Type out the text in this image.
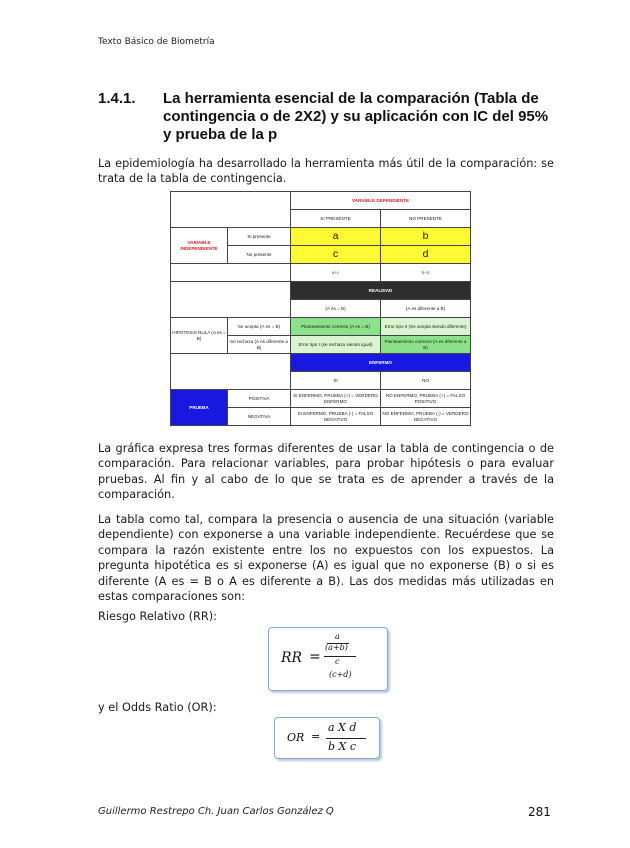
Texto Básico de Biometría
1.4.1. La herramienta esencial de la comparación (Tabla de contingencia o de 2X2) y su aplicación con IC del 95% y prueba de la p

La epidemiología ha desarrollado la herramienta más útil de la comparación: se trata de la tabla de contingencia.

		VARIABLE DEPENDIENTE	
		SI PRESENTE	NO PRESENTE
VARIABLE INDEPENDIENTE	Si presente	a	b
	No presente	c	d
		a+c	b+d
		REALIDAD	
		(A es = B)	(A es diferente a B)
HIPOTESIS NULA (A es = B)	Se acepta (A es = B)	Planteamiento correcto (A es = B)	Error tipo II (Se acepta siendo diferente)
	Se rechaza (A es diferente a B)	Error tipo I (se rechaza siendo igual)	Planteamiento correcto (A es diferente a B)
		ENFERMO	
		SI	NO
PRUEBA	POSITIVA	SI ENFERMO, PRUEBA (+) = VERDERO ENFERMO	NO ENFERMO, PRUEBA (+) = FALSO POSITIVO
	NEGATIVA	SI ENFERMO, PRUEBA (-) = FALSO NEGATIVO	NO ENFERMO, PRUEBA (-) = VERDERO NEGATIVO

La gráfica expresa tres formas diferentes de usar la tabla de contingencia o de comparación. Para relacionar variables, para probar hipótesis o para evaluar pruebas. Al fin y al cabo de lo que se trata es de aprender a través de la comparación.

La tabla como tal, compara la presencia o ausencia de una situación (variable dependiente) con exponerse a una variable independiente. Recuérdese que se compara la razón existente entre los no expuestos con los expuestos. La pregunta hipotética es si exponerse (A) es igual que no exponerse (B) o si es diferente (A es = B o A es diferente a B). Las dos medidas más utilizadas en estas comparaciones son:

Riesgo Relativo (RR):
RR =
a
(a+b)
c
(c+d)
y el Odds Ratio (OR):
OR =
a X d
b X c
Guillermo Restrepo Ch. Juan Carlos González Q	281
